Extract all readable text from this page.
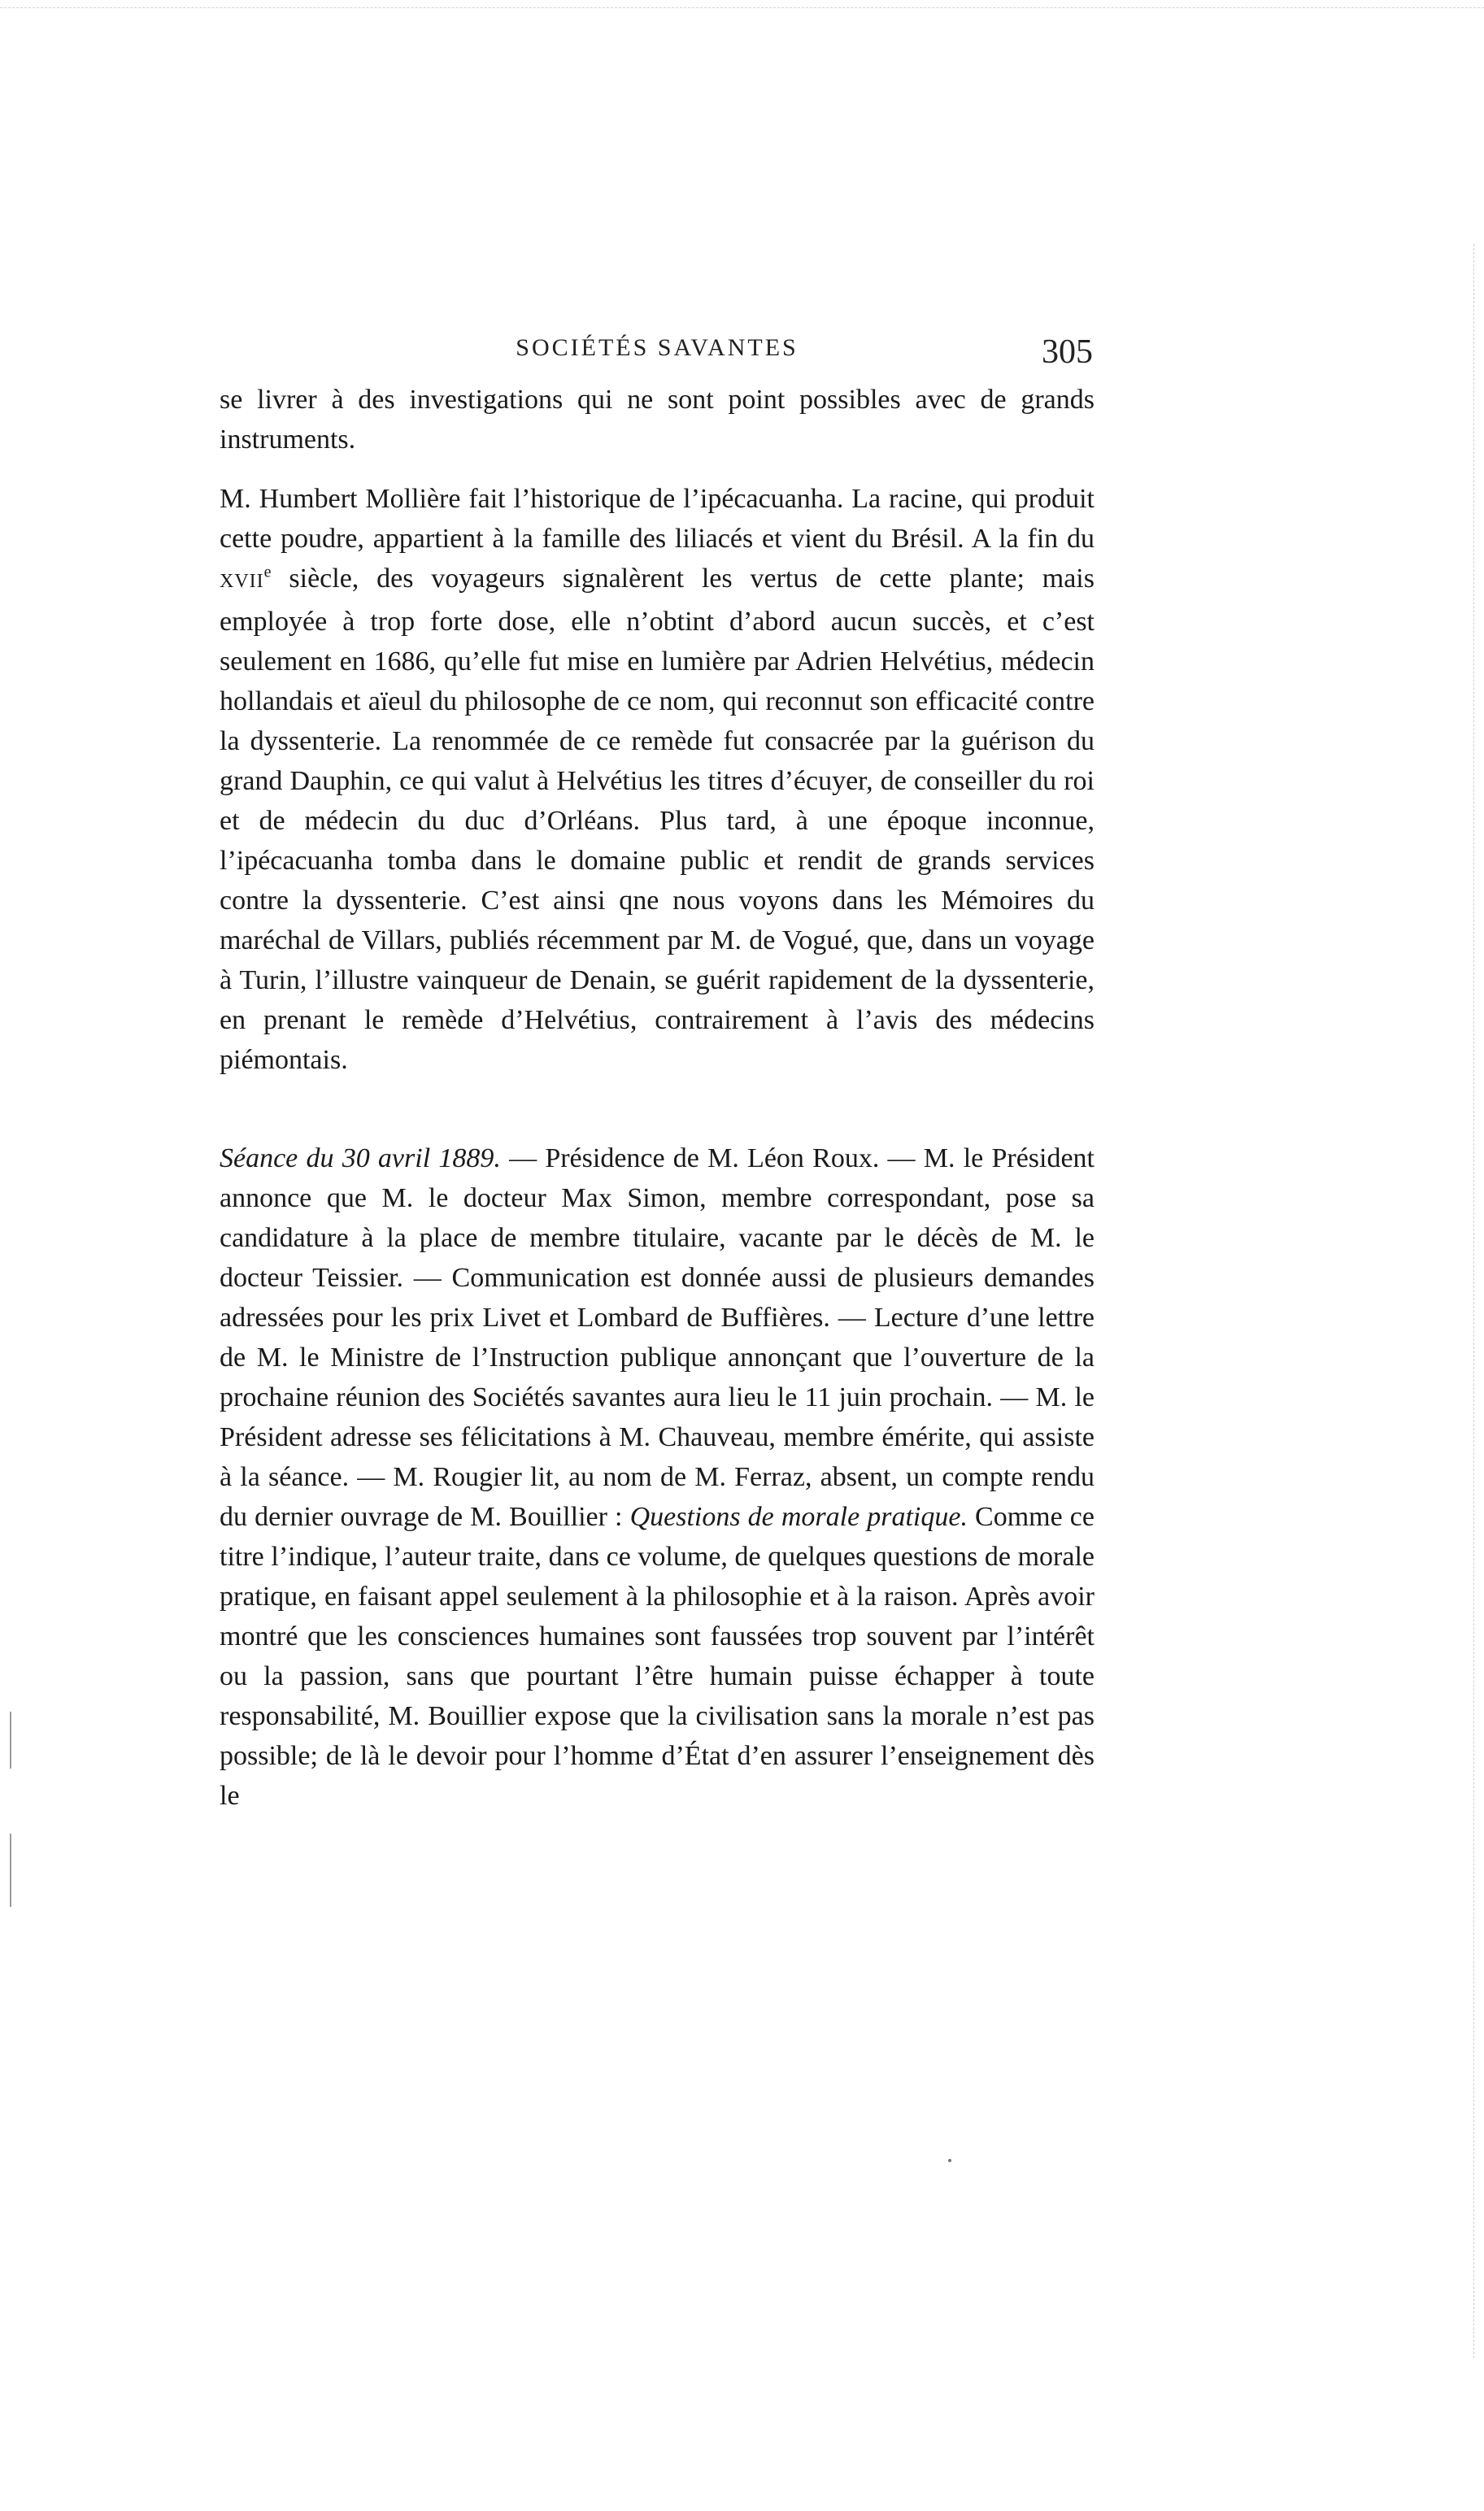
SOCIÉTÉS SAVANTES	305

se livrer à des investigations qui ne sont point possibles avec de grands instruments.

M. Humbert Mollière fait l’historique de l’ipécacuanha. La racine, qui produit cette poudre, appartient à la famille des liliacés et vient du Brésil. A la fin du XVIIe siècle, des voyageurs signalèrent les vertus de cette plante; mais employée à trop forte dose, elle n’obtint d’abord aucun succès, et c’est seulement en 1686, qu’elle fut mise en lumière par Adrien Helvétius, médecin hollandais et aïeul du philosophe de ce nom, qui reconnut son efficacité contre la dyssenterie. La renommée de ce remède fut consacrée par la guérison du grand Dauphin, ce qui valut à Helvétius les titres d’écuyer, de conseiller du roi et de médecin du duc d’Orléans. Plus tard, à une époque inconnue, l’ipécacuanha tomba dans le domaine public et rendit de grands services contre la dyssenterie. C’est ainsi qne nous voyons dans les Mémoires du maréchal de Villars, publiés récemment par M. de Vogué, que, dans un voyage à Turin, l’illustre vainqueur de Denain, se guérit rapidement de la dyssenterie, en prenant le remède d’Helvétius, contrairement à l’avis des médecins piémontais.

Séance du 30 avril 1889. — Présidence de M. Léon Roux. — M. le Président annonce que M. le docteur Max Simon, membre correspondant, pose sa candidature à la place de membre titulaire, vacante par le décès de M. le docteur Teissier. — Communication est donnée aussi de plusieurs demandes adressées pour les prix Livet et Lombard de Buffières. — Lecture d’une lettre de M. le Ministre de l’Instruction publique annonçant que l’ouverture de la prochaine réunion des Sociétés savantes aura lieu le 11 juin prochain. — M. le Président adresse ses félicitations à M. Chauveau, membre émérite, qui assiste à la séance. — M. Rougier lit, au nom de M. Ferraz, absent, un compte rendu du dernier ouvrage de M. Bouillier : Questions de morale pratique. Comme ce titre l’indique, l’auteur traite, dans ce volume, de quelques questions de morale pratique, en faisant appel seulement à la philosophie et à la raison. Après avoir montré que les consciences humaines sont faussées trop souvent par l’intérêt ou la passion, sans que pourtant l’être humain puisse échapper à toute responsabilité, M. Bouillier expose que la civilisation sans la morale n’est pas possible; de là le devoir pour l’homme d’État d’en assurer l’enseignement dès le
